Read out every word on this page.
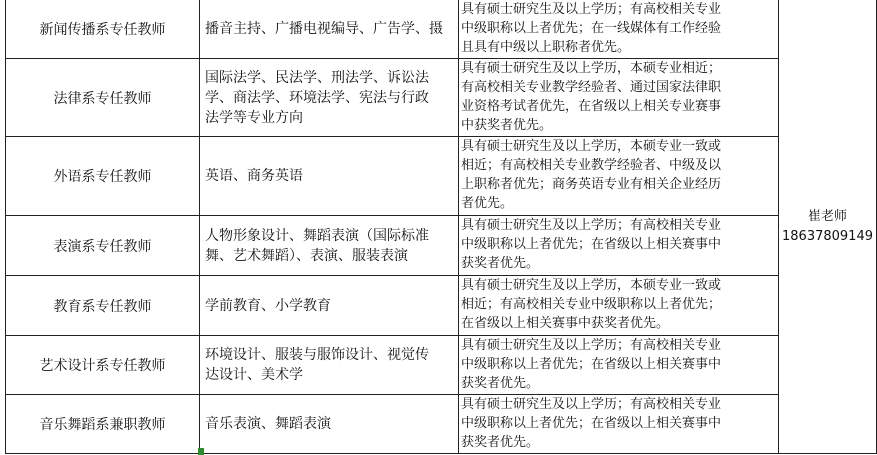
新闻传播系专任教师	播音主持、广播电视编导、广告学、摄	具有硕士研究生及以上学历；有高校相关专业
中级职称以上者优先；在一线媒体有工作经验
且具有中级以上职称者优先。	崔老师
18637809149

法律系专任教师	国际法学、民法学、刑法学、诉讼法
学、商法学、环境法学、宪法与行政
法学等专业方向	具有硕士研究生及以上学历，本硕专业相近；
有高校相关专业教学经验者、通过国家法律职
业资格考试者优先，在省级以上相关专业赛事
中获奖者优先。	

外语系专任教师	英语、商务英语	具有硕士研究生及以上学历，本硕专业一致或
相近；有高校相关专业教学经验者、中级及以
上职称者优先；商务英语专业有相关企业经历
者优先。	

表演系专任教师	人物形象设计、舞蹈表演（国际标准
舞、艺术舞蹈）、表演、服装表演	具有硕士研究生及以上学历；有高校相关专业
中级职称以上者优先；在省级以上相关赛事中
获奖者优先。	

教育系专任教师	学前教育、小学教育	具有硕士研究生及以上学历，本硕专业一致或
相近；有高校相关专业中级职称以上者优先；
在省级以上相关赛事中获奖者优先。	

艺术设计系专任教师	环境设计、服装与服饰设计、视觉传
达设计、美术学	具有硕士研究生及以上学历；有高校相关专业
中级职称以上者优先；在省级以上相关赛事中
获奖者优先。	

音乐舞蹈系兼职教师	音乐表演、舞蹈表演	具有硕士研究生及以上学历；有高校相关专业
中级职称以上者优先；在省级以上相关赛事中
获奖者优先。	
